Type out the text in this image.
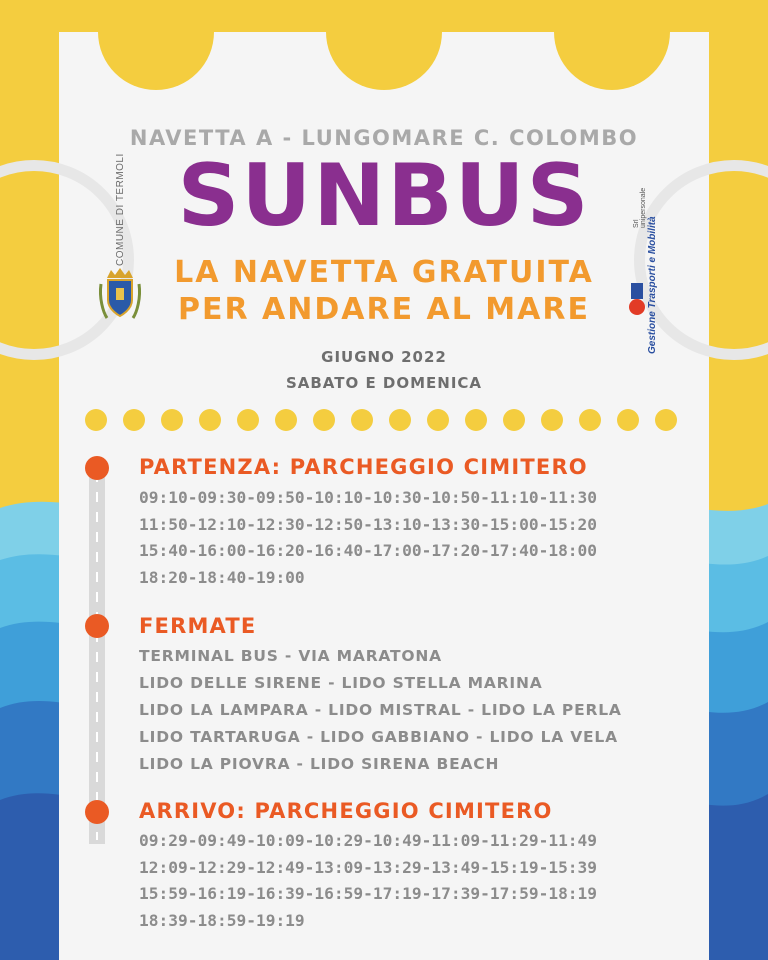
NAVETTA A - LUNGOMARE C. COLOMBO
SUNBUS
LA NAVETTA GRATUITA
PER ANDARE AL MARE
GIUGNO 2022
SABATO E DOMENICA
COMUNE DI TERMOLI	Srl unipersonale
Gestione Trasporti e Mobilità
PARTENZA: PARCHEGGIO CIMITERO
09:10-09:30-09:50-10:10-10:30-10:50-11:10-11:30
11:50-12:10-12:30-12:50-13:10-13:30-15:00-15:20
15:40-16:00-16:20-16:40-17:00-17:20-17:40-18:00
18:20-18:40-19:00
FERMATE
TERMINAL BUS - VIA MARATONA
LIDO DELLE SIRENE - LIDO STELLA MARINA
LIDO LA LAMPARA - LIDO MISTRAL - LIDO LA PERLA
LIDO TARTARUGA - LIDO GABBIANO - LIDO LA VELA
LIDO LA PIOVRA - LIDO SIRENA BEACH
ARRIVO: PARCHEGGIO CIMITERO
09:29-09:49-10:09-10:29-10:49-11:09-11:29-11:49
12:09-12:29-12:49-13:09-13:29-13:49-15:19-15:39
15:59-16:19-16:39-16:59-17:19-17:39-17:59-18:19
18:39-18:59-19:19
